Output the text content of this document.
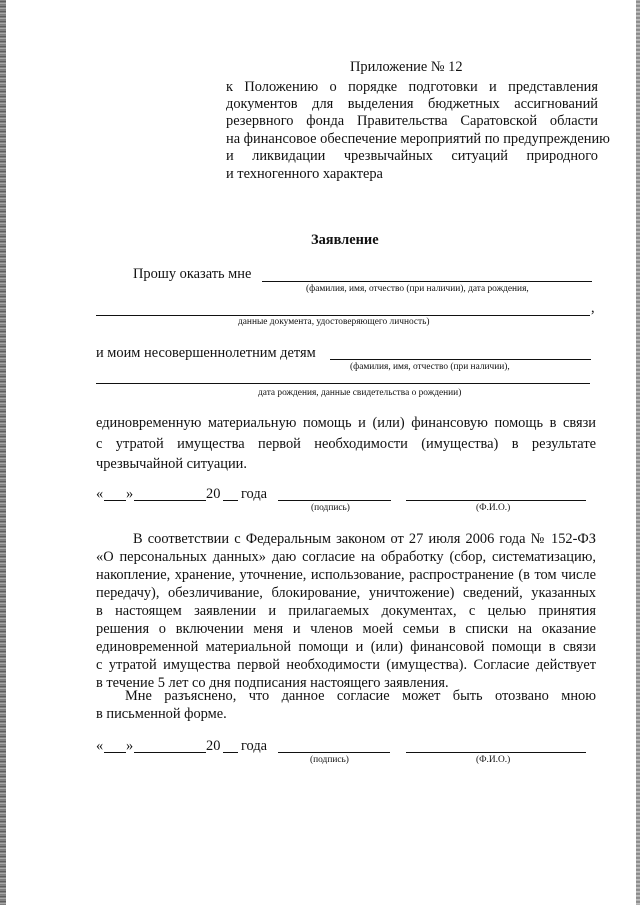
Приложение № 12
к Положению о порядке подготовки и представления
документов для выделения бюджетных ассигнований
резервного фонда Правительства Саратовской области
на финансовое обеспечение мероприятий по предупреждению
и ликвидации чрезвычайных ситуаций природного
и техногенного характера
Заявление
Прошу оказать мне
(фамилия, имя, отчество (при наличии), дата рождения,
,
данные документа, удостоверяющего личность)
и моим несовершеннолетним детям
(фамилия, имя, отчество (при наличии),
дата рождения, данные свидетельства о рождении)
единовременную материальную помощь и (или) финансовую помощь в связи
с утратой имущества первой необходимости (имущества) в результате
чрезвычайной ситуации.
« »	20 года
(подпись)	(Ф.И.О.)
В соответствии с Федеральным законом от 27 июля 2006 года № 152-ФЗ
«О персональных данных» даю согласие на обработку (сбор, систематизацию,
накопление, хранение, уточнение, использование, распространение (в том числе
передачу), обезличивание, блокирование, уничтожение) сведений, указанных
в настоящем заявлении и прилагаемых документах, с целью принятия
решения о включении меня и членов моей семьи в списки на оказание
единовременной материальной помощи и (или) финансовой помощи в связи
с утратой имущества первой необходимости (имущества). Согласие действует
в течение 5 лет со дня подписания настоящего заявления.
Мне разъяснено, что данное согласие может быть отозвано мною
в письменной форме.
« »	20 года
(подпись)	(Ф.И.О.)
